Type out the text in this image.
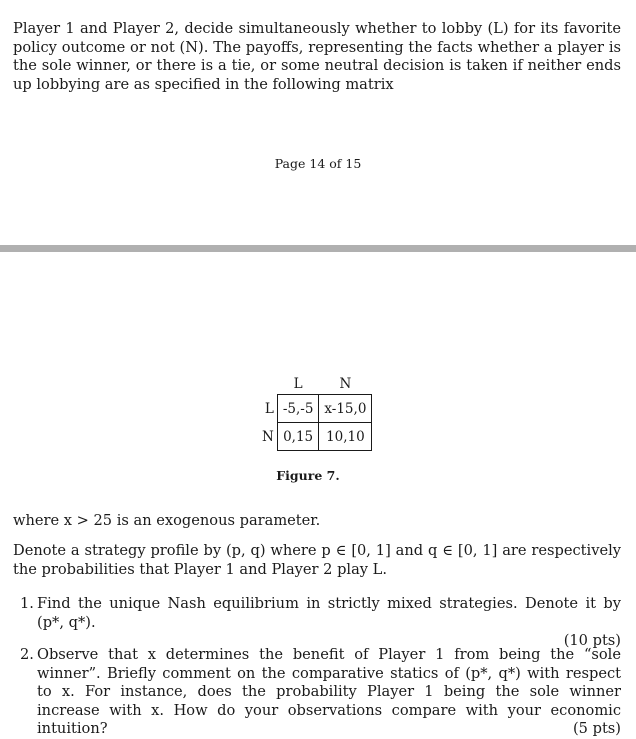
Player 1 and Player 2, decide simultaneously whether to lobby (L) for its favorite policy outcome or not (N). The payoffs, representing the facts whether a player is the sole winner, or there is a tie, or some neutral decision is taken if neither ends up lobbying are as specified in the following matrix

Page 14 of 15
	L	N
L	-5,-5	x-15,0
N	0,15	10,10
Figure 7.

where x > 25 is an exogenous parameter.

Denote a strategy profile by (p, q) where p ∈ [0, 1] and q ∈ [0, 1] are respectively the probabilities that Player 1 and Player 2 play L.

1. Find the unique Nash equilibrium in strictly mixed strategies. Denote it by (p*, q*).
(10 pts)
2. Observe that x determines the benefit of Player 1 from being the “sole winner”. Briefly comment on the comparative statics of (p*, q*) with respect to x. For instance, does the probability Player 1 being the sole winner increase with x. How do your observations compare with your economic intuition?	(5 pts)
